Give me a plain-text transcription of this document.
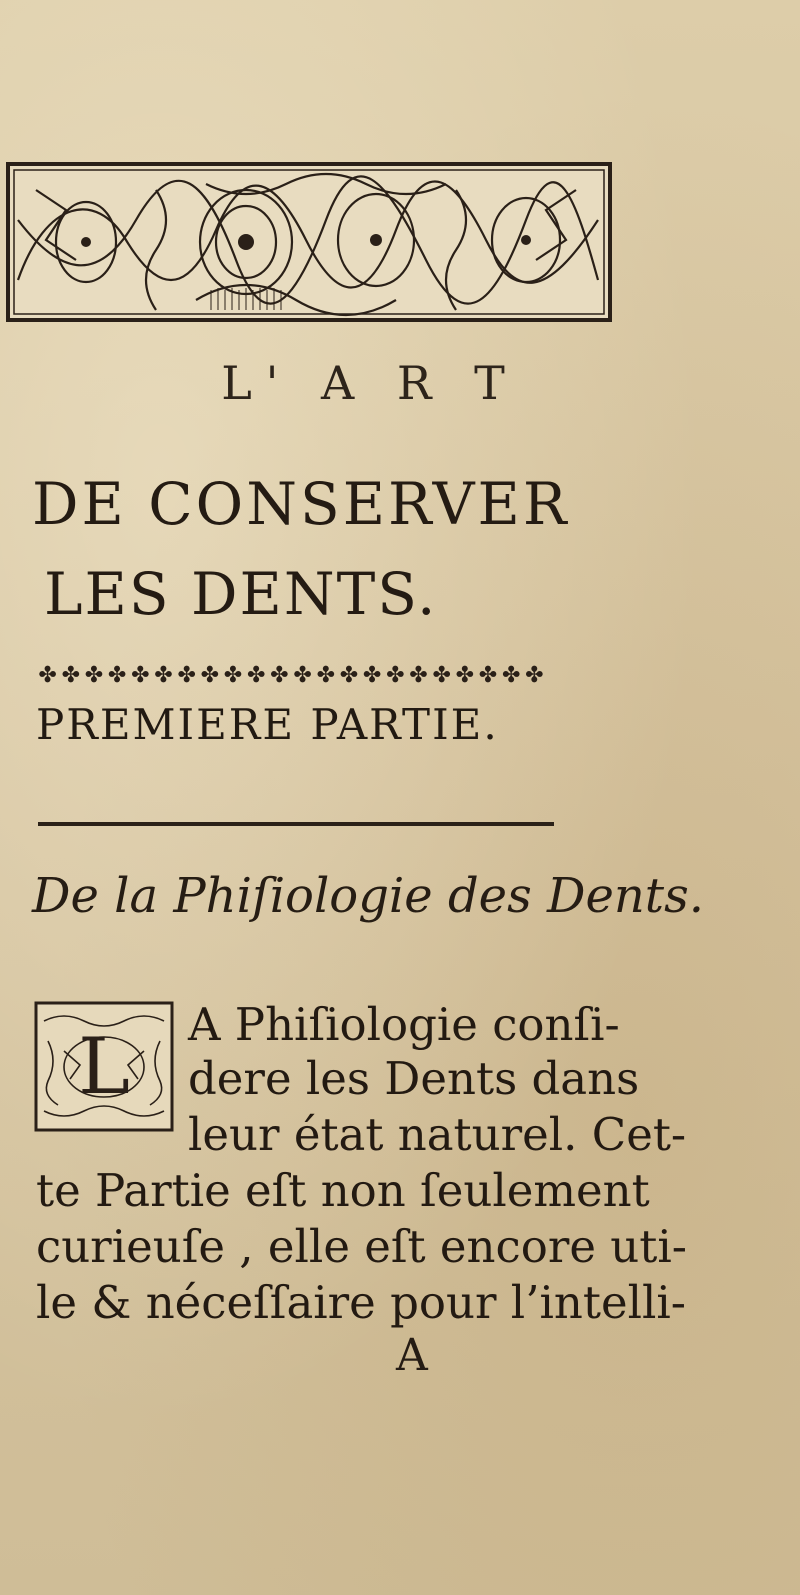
L' A R T
DE CONSERVER
LES DENTS.
✤ ✤ ✤ ✤ ✤ ✤ ✤ ✤ ✤ ✤ ✤ ✤ ✤ ✤ ✤ ✤ ✤ ✤ ✤ ✤ ✤ ✤
PREMIERE PARTIE.
De la Phiſiologie des Dents.
L A Phiſiologie conſi-
dere les Dents dans
leur état naturel. Cet-
te Partie eſt non ſeulement
curieuſe , elle eſt encore uti-
le & néceſſaire pour l’intelli-
A
